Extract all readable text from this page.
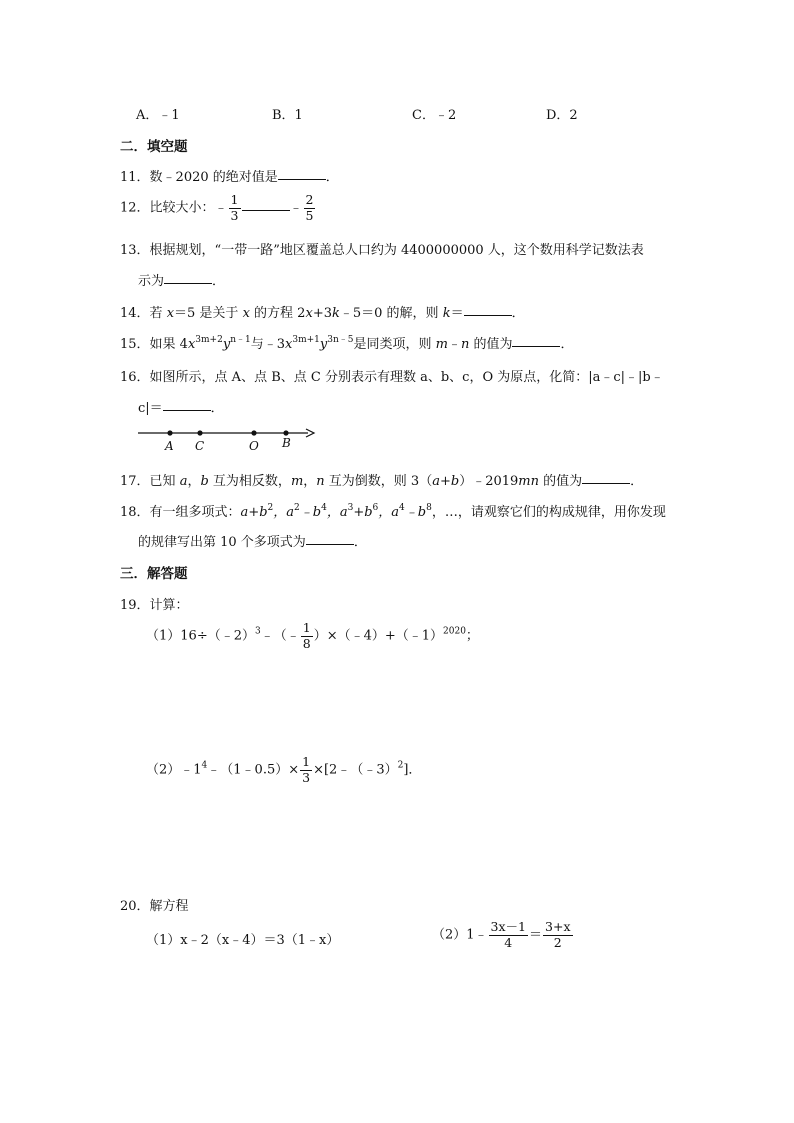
A．﹣1	B．1	C．﹣2	D．2
二．填空题
11．数﹣2020 的绝对值是	．
12．比较大小：﹣ $\frac{1}{3}$	﹣ $\frac{2}{5}$
13．根据规划，“一带一路”地区覆盖总人口约为 4400000000 人，这个数用科学记数法表
示为	．
14．若 x＝5 是关于 x 的方程 2x+3k﹣5＝0 的解，则 k＝	．
15．如果 $4x^{3m+2}y^{n﹣1}$与$﹣3x^{3m+1}y^{3n﹣5}$是同类项，则 m﹣n 的值为	．
16．如图所示，点 A、点 B、点 C 分别表示有理数 a、b、c，O 为原点，化简：|a﹣c|﹣|b﹣
c|＝	．
A C	O B
17．已知 a，b 互为相反数，m，n 互为倒数，则 3（a+b）﹣2019mn 的值为	．
18．有一组多项式：$a+b^2$，$a^2﹣b^4$，$a^3+b^6$，$a^4﹣b^8$，…，请观察它们的构成规律，用你发现
的规律写出第 10 个多项式为	．
三．解答题
19．计算：
（1）16÷（﹣2）$^3$﹣（﹣ $\frac{1}{8}$ ）×（﹣4）+（﹣1）$^{2020}$；
$(2)﹣1^4﹣(1﹣0.5)\times \frac{1}{3}$ ×[2﹣（﹣3）$^2$]．
20．解方程
（1）x﹣2（x﹣4）＝3（1﹣x）	（2）1﹣ $\frac{3x-1}{4} = \frac{3+x}{2}$
